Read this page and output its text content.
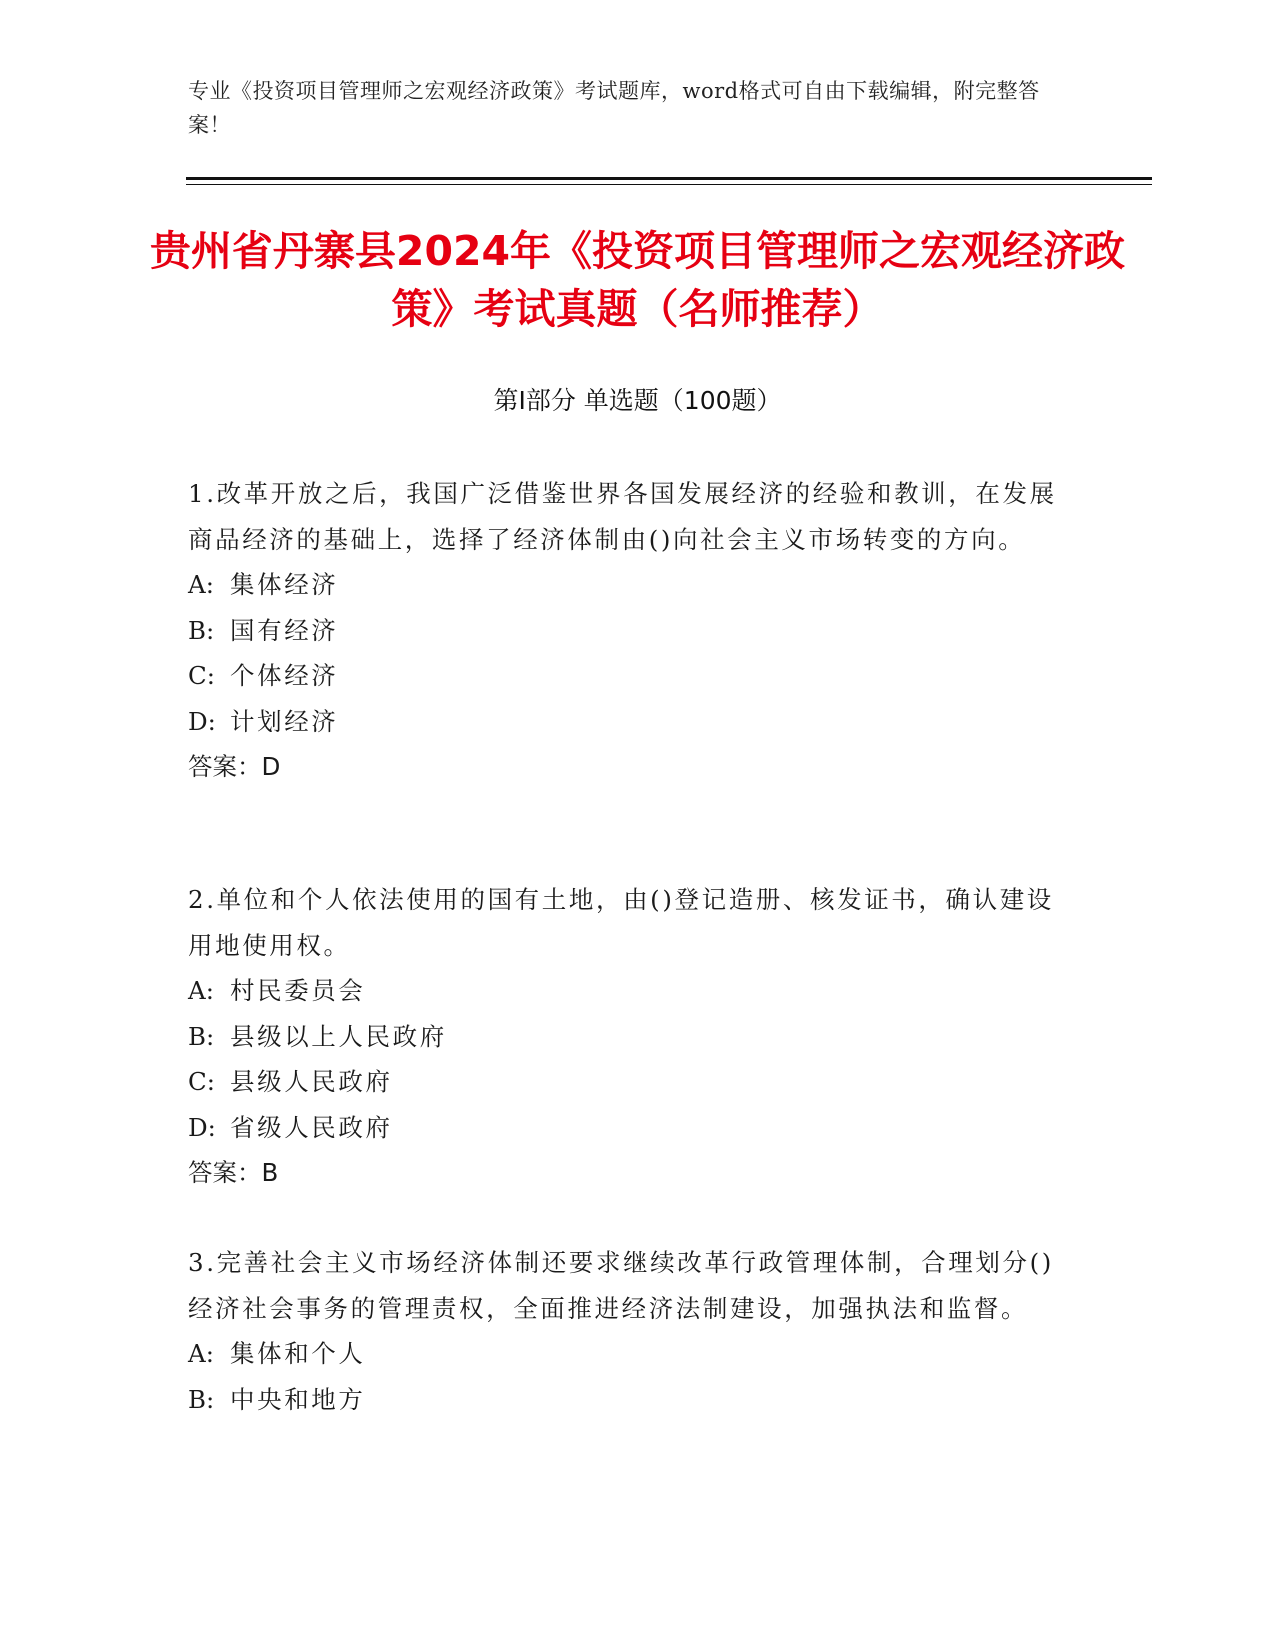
专业《投资项目管理师之宏观经济政策》考试题库，word格式可自由下载编辑，附完整答案！
贵州省丹寨县2024年《投资项目管理师之宏观经济政策》考试真题（名师推荐）
第Ⅰ部分 单选题（100题）

1.改革开放之后，我国广泛借鉴世界各国发展经济的经验和教训，在发展商品经济的基础上，选择了经济体制由()向社会主义市场转变的方向。

A: 集体经济

B: 国有经济

C: 个体经济

D: 计划经济

答案：D

2.单位和个人依法使用的国有土地，由()登记造册、核发证书，确认建设用地使用权。

A: 村民委员会

B: 县级以上人民政府

C: 县级人民政府

D: 省级人民政府

答案：B

3.完善社会主义市场经济体制还要求继续改革行政管理体制，合理划分()经济社会事务的管理责权，全面推进经济法制建设，加强执法和监督。

A: 集体和个人

B: 中央和地方
